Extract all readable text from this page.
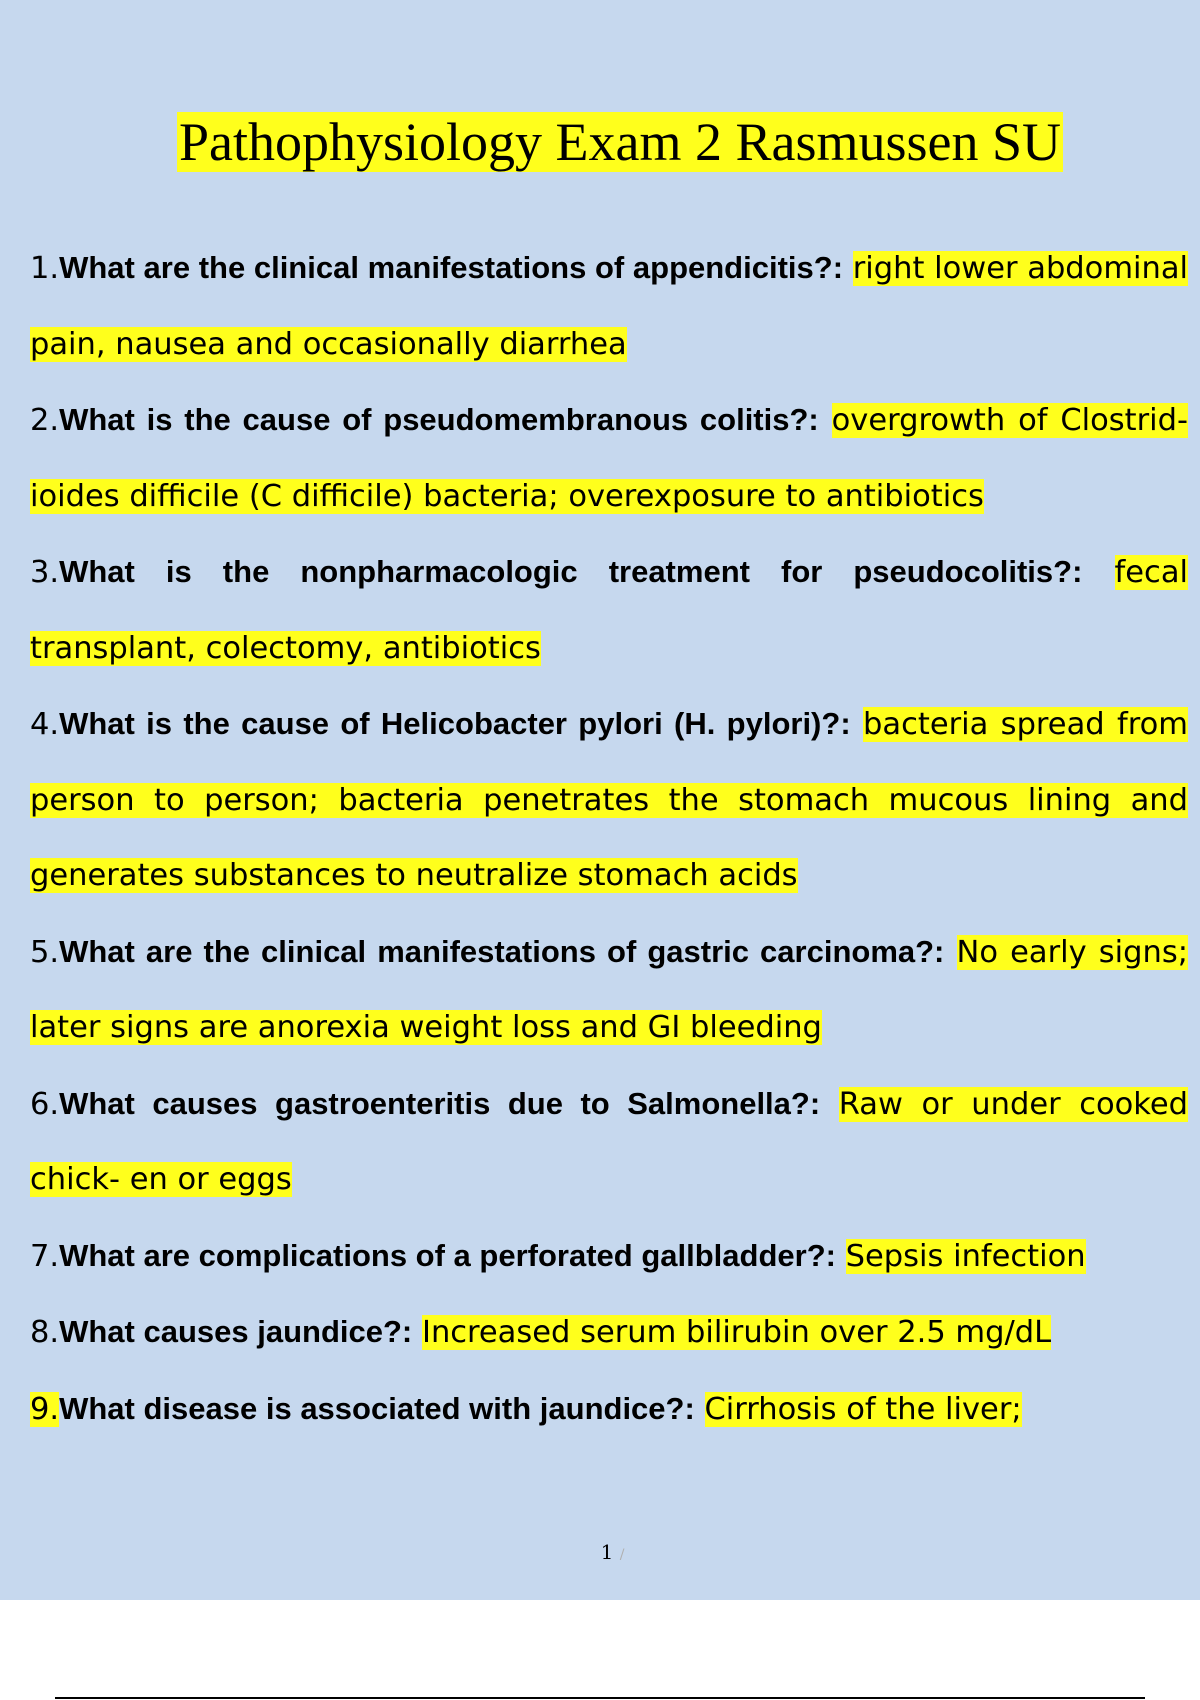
Pathophysiology Exam 2 Rasmussen SU

1.What are the clinical manifestations of appendicitis?: right lower abdominal pain, nausea and occasionally diarrhea

2.What is the cause of pseudomembranous colitis?: overgrowth of Clostrid- ioides difficile (C difficile) bacteria; overexposure to antibiotics

3.What is the nonpharmacologic treatment for pseudocolitis?: fecal transplant, colectomy, antibiotics

4.What is the cause of Helicobacter pylori (H. pylori)?: bacteria spread from person to person; bacteria penetrates the stomach mucous lining and generates substances to neutralize stomach acids

5.What are the clinical manifestations of gastric carcinoma?: No early signs; later signs are anorexia weight loss and GI bleeding

6.What causes gastroenteritis due to Salmonella?: Raw or under cooked chick- en or eggs

7.What are complications of a perforated gallbladder?: Sepsis infection

8.What causes jaundice?: Increased serum bilirubin over 2.5 mg/dL

9.What disease is associated with jaundice?: Cirrhosis of the liver;

1 /
